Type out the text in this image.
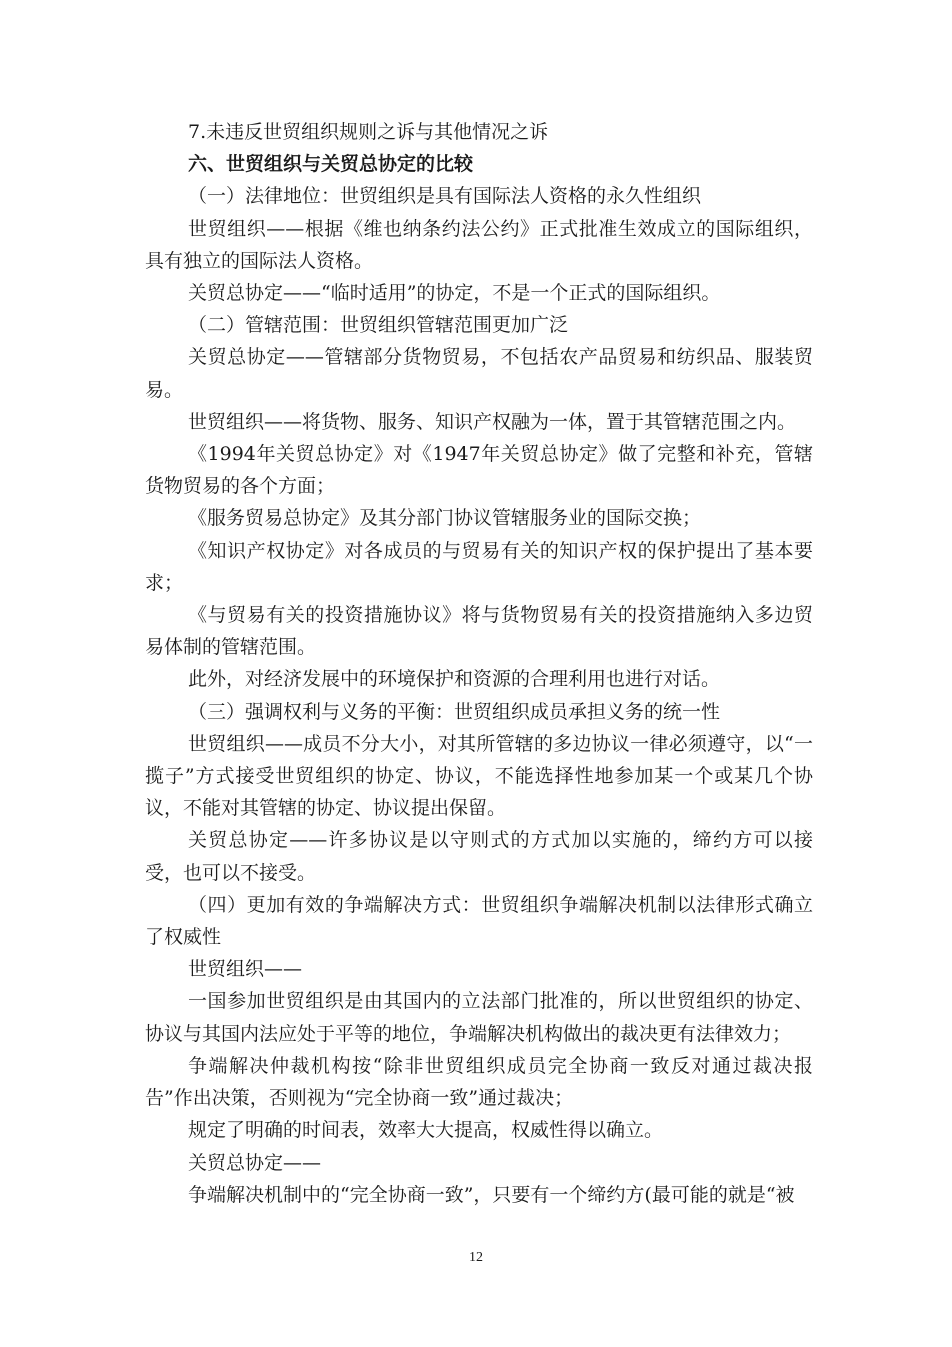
7.未违反世贸组织规则之诉与其他情况之诉

六、世贸组织与关贸总协定的比较

（一）法律地位：世贸组织是具有国际法人资格的永久性组织

世贸组织——根据《维也纳条约法公约》正式批准生效成立的国际组织，具有独立的国际法人资格。

关贸总协定——“临时适用”的协定，不是一个正式的国际组织。

（二）管辖范围：世贸组织管辖范围更加广泛

关贸总协定——管辖部分货物贸易，不包括农产品贸易和纺织品、服装贸易。

世贸组织——将货物、服务、知识产权融为一体，置于其管辖范围之内。

《1994年关贸总协定》对《1947年关贸总协定》做了完整和补充，管辖货物贸易的各个方面；

《服务贸易总协定》及其分部门协议管辖服务业的国际交换；

《知识产权协定》对各成员的与贸易有关的知识产权的保护提出了基本要求；

《与贸易有关的投资措施协议》将与货物贸易有关的投资措施纳入多边贸易体制的管辖范围。

此外，对经济发展中的环境保护和资源的合理利用也进行对话。

（三）强调权利与义务的平衡：世贸组织成员承担义务的统一性

世贸组织——成员不分大小，对其所管辖的多边协议一律必须遵守，以“一揽子”方式接受世贸组织的协定、协议，不能选择性地参加某一个或某几个协议，不能对其管辖的协定、协议提出保留。

关贸总协定——许多协议是以守则式的方式加以实施的，缔约方可以接受，也可以不接受。

（四）更加有效的争端解决方式：世贸组织争端解决机制以法律形式确立了权威性

世贸组织——

一国参加世贸组织是由其国内的立法部门批准的，所以世贸组织的协定、协议与其国内法应处于平等的地位，争端解决机构做出的裁决更有法律效力；

争端解决仲裁机构按“除非世贸组织成员完全协商一致反对通过裁决报告”作出决策，否则视为“完全协商一致”通过裁决；

规定了明确的时间表，效率大大提高，权威性得以确立。

关贸总协定——

争端解决机制中的“完全协商一致”，只要有一个缔约方(最可能的就是“被

12
